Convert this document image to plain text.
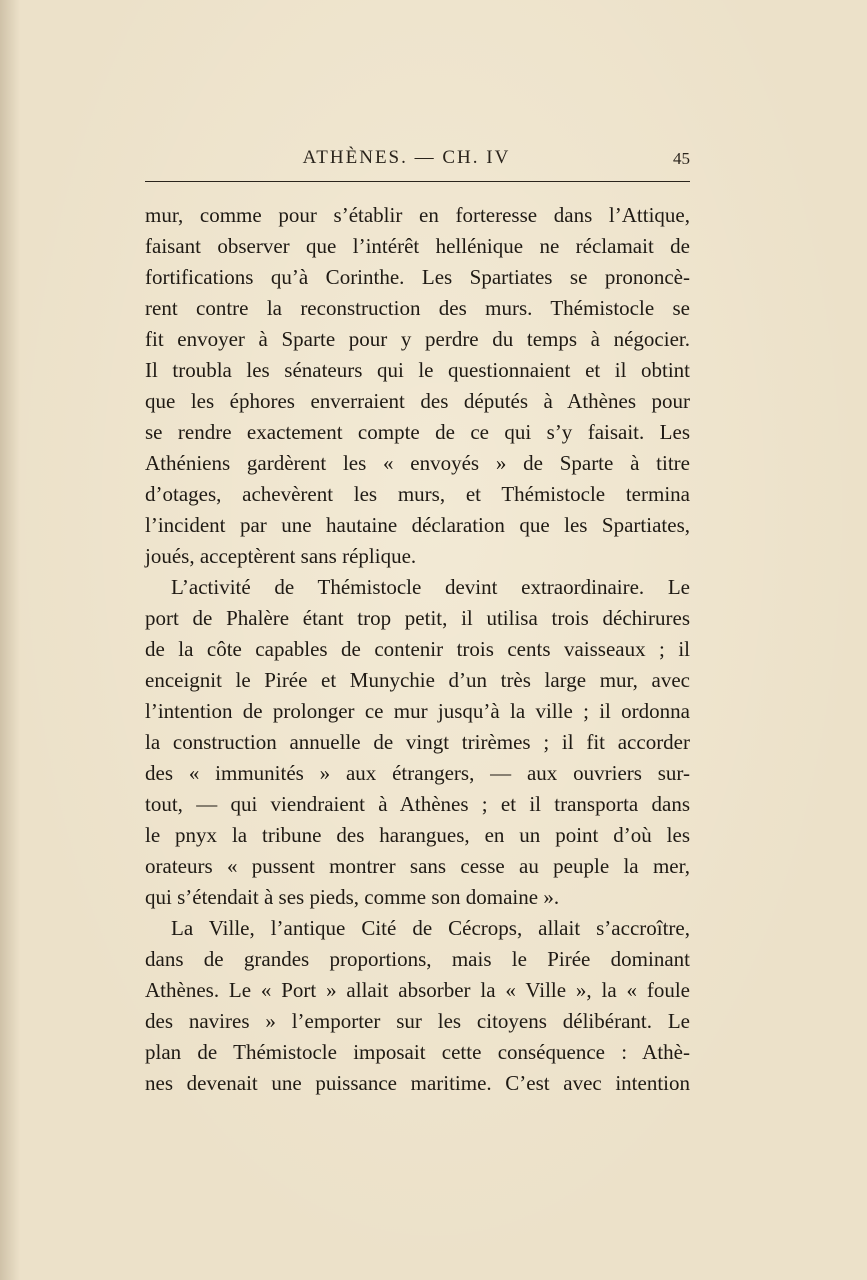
ATHÈNES. — CH. IV	45
mur, comme pour s’établir en forteresse dans l’Attique,
faisant observer que l’intérêt hellénique ne réclamait de
fortifications qu’à Corinthe. Les Spartiates se prononcè-
rent contre la reconstruction des murs. Thémistocle se
fit envoyer à Sparte pour y perdre du temps à négocier.
Il troubla les sénateurs qui le questionnaient et il obtint
que les éphores enverraient des députés à Athènes pour
se rendre exactement compte de ce qui s’y faisait. Les
Athéniens gardèrent les « envoyés » de Sparte à titre
d’otages, achevèrent les murs, et Thémistocle termina
l’incident par une hautaine déclaration que les Spartiates,
joués, acceptèrent sans réplique.
L’activité de Thémistocle devint extraordinaire. Le
port de Phalère étant trop petit, il utilisa trois déchirures
de la côte capables de contenir trois cents vaisseaux ; il
enceignit le Pirée et Munychie d’un très large mur, avec
l’intention de prolonger ce mur jusqu’à la ville ; il ordonna
la construction annuelle de vingt trirèmes ; il fit accorder
des « immunités » aux étrangers, — aux ouvriers sur-
tout, — qui viendraient à Athènes ; et il transporta dans
le pnyx la tribune des harangues, en un point d’où les
orateurs « pussent montrer sans cesse au peuple la mer,
qui s’étendait à ses pieds, comme son domaine ».
La Ville, l’antique Cité de Cécrops, allait s’accroître,
dans de grandes proportions, mais le Pirée dominant
Athènes. Le « Port » allait absorber la « Ville », la « foule
des navires » l’emporter sur les citoyens délibérant. Le
plan de Thémistocle imposait cette conséquence : Athè-
nes devenait une puissance maritime. C’est avec intention
